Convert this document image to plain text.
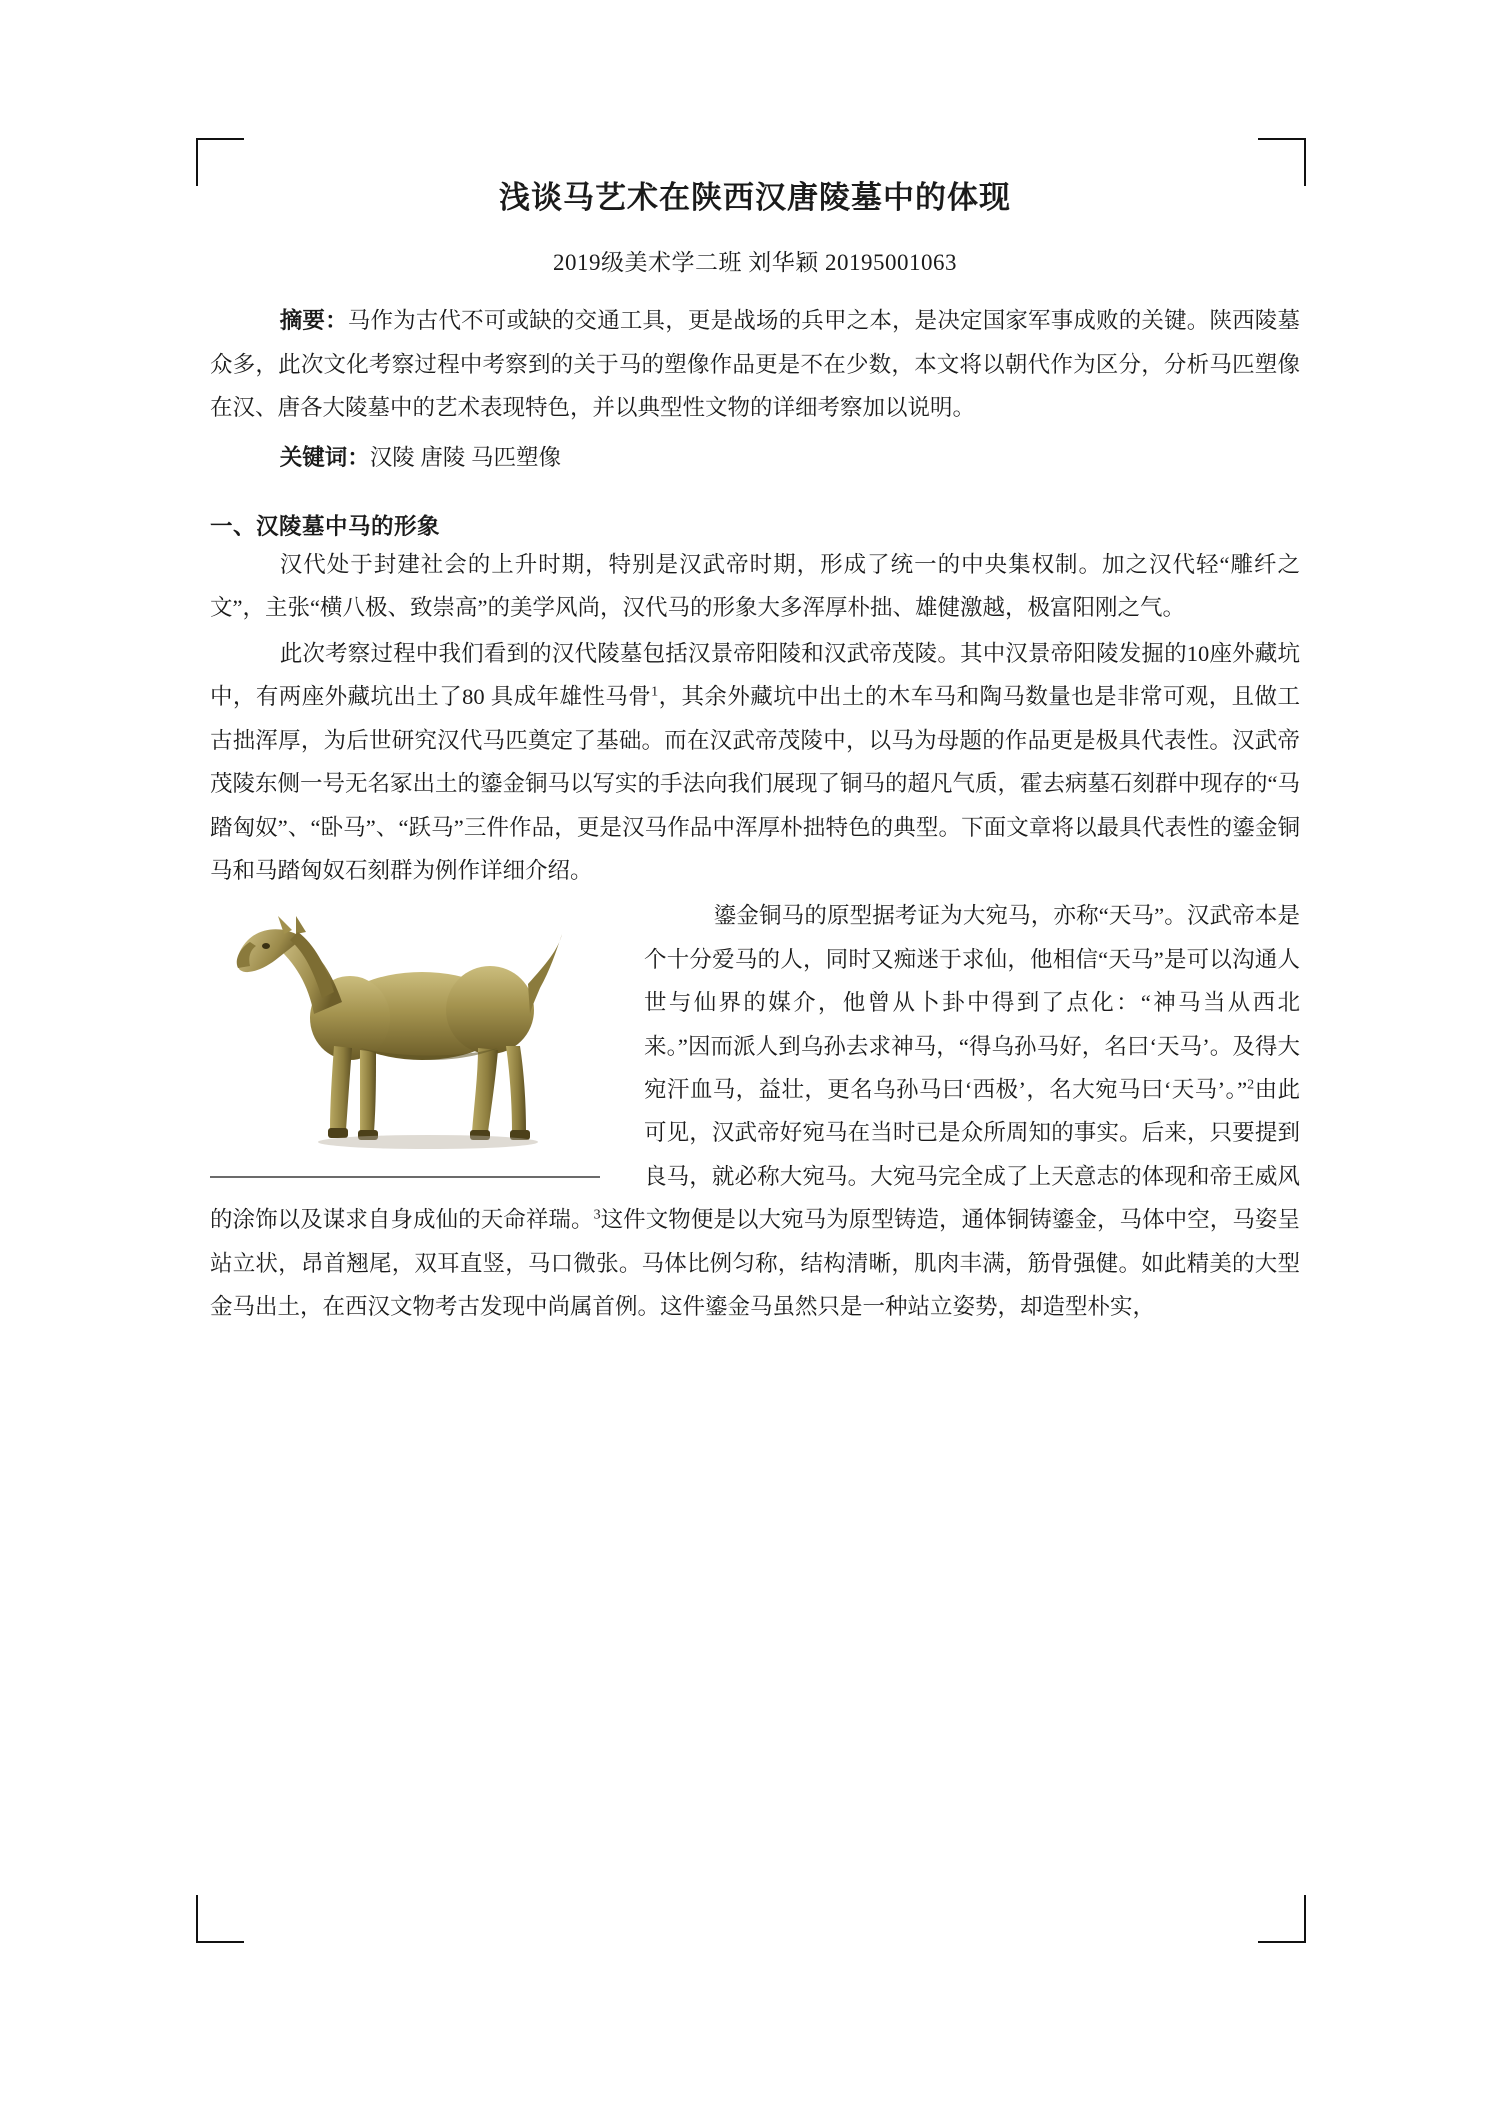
浅谈马艺术在陕西汉唐陵墓中的体现
2019级美术学二班 刘华颖 20195001063

摘要：马作为古代不可或缺的交通工具，更是战场的兵甲之本，是决定国家军事成败的关键。陕西陵墓众多，此次文化考察过程中考察到的关于马的塑像作品更是不在少数，本文将以朝代作为区分，分析马匹塑像在汉、唐各大陵墓中的艺术表现特色，并以典型性文物的详细考察加以说明。

关键词：汉陵 唐陵 马匹塑像

一、汉陵墓中马的形象

汉代处于封建社会的上升时期，特别是汉武帝时期，形成了统一的中央集权制。加之汉代轻“雕纤之文”，主张“横八极、致崇高”的美学风尚，汉代马的形象大多浑厚朴拙、雄健激越，极富阳刚之气。

此次考察过程中我们看到的汉代陵墓包括汉景帝阳陵和汉武帝茂陵。其中汉景帝阳陵发掘的10座外藏坑中，有两座外藏坑出土了80 具成年雄性马骨$^1$，其余外藏坑中出土的木车马和陶马数量也是非常可观，且做工古拙浑厚，为后世研究汉代马匹奠定了基础。而在汉武帝茂陵中，以马为母题的作品更是极具代表性。汉武帝茂陵东侧一号无名冢出土的鎏金铜马以写实的手法向我们展现了铜马的超凡气质，霍去病墓石刻群中现存的“马踏匈奴”、“卧马”、“跃马”三件作品，更是汉马作品中浑厚朴拙特色的典型。下面文章将以最具代表性的鎏金铜马和马踏匈奴石刻群为例作详细介绍。

鎏金铜马的原型据考证为大宛马，亦称“天马”。汉武帝本是个十分爱马的人，同时又痴迷于求仙，他相信“天马”是可以沟通人世与仙界的媒介，他曾从卜卦中得到了点化：“神马当从西北来。”因而派人到乌孙去求神马，“得乌孙马好，名曰‘天马’。及得大宛汗血马，益壮，更名乌孙马曰‘西极’，名大宛马曰‘天马’。”$^2$由此可见，汉武帝好宛马在当时已是众所周知的事实。后来，只要提到良马，就必称大宛马。大宛马完全成了上天意志的体现和帝王威风的涂饰以及谋求自身成仙的天命祥瑞。$^3$这件文物便是以大宛马为原型铸造，通体铜铸鎏金，马体中空，马姿呈站立状，昂首翘尾，双耳直竖，马口微张。马体比例匀称，结构清晰，肌肉丰满，筋骨强健。如此精美的大型金马出土，在西汉文物考古发现中尚属首例。这件鎏金马虽然只是一种站立姿势，却造型朴实，
